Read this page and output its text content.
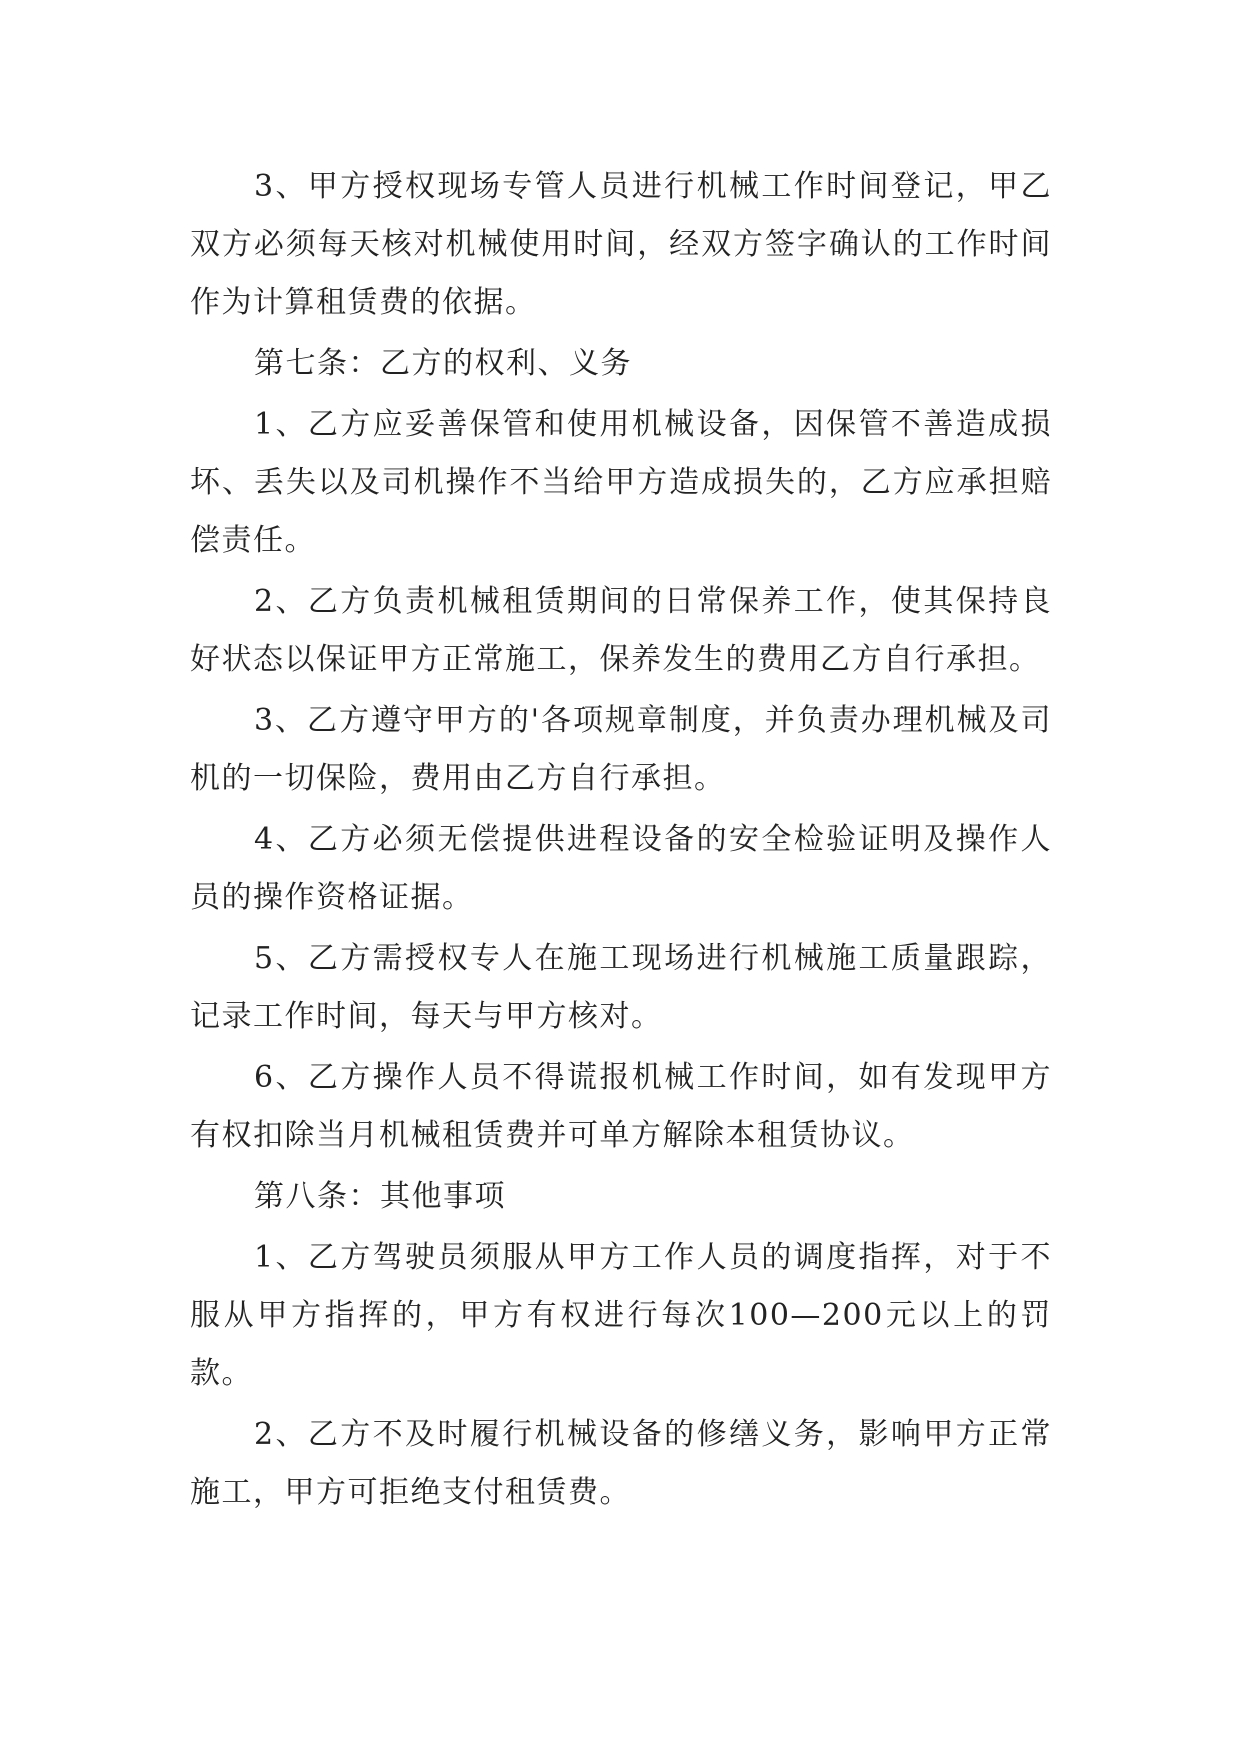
3、甲方授权现场专管人员进行机械工作时间登记，甲乙双方必须每天核对机械使用时间，经双方签字确认的工作时间作为计算租赁费的依据。

第七条：乙方的权利、义务

1、乙方应妥善保管和使用机械设备，因保管不善造成损坏、丢失以及司机操作不当给甲方造成损失的，乙方应承担赔偿责任。

2、乙方负责机械租赁期间的日常保养工作，使其保持良好状态以保证甲方正常施工，保养发生的费用乙方自行承担。

3、乙方遵守甲方的'各项规章制度，并负责办理机械及司机的一切保险，费用由乙方自行承担。

4、乙方必须无偿提供进程设备的安全检验证明及操作人员的操作资格证据。

5、乙方需授权专人在施工现场进行机械施工质量跟踪，记录工作时间，每天与甲方核对。

6、乙方操作人员不得谎报机械工作时间，如有发现甲方有权扣除当月机械租赁费并可单方解除本租赁协议。

第八条：其他事项

1、乙方驾驶员须服从甲方工作人员的调度指挥，对于不服从甲方指挥的，甲方有权进行每次100—200元以上的罚款。

2、乙方不及时履行机械设备的修缮义务，影响甲方正常施工，甲方可拒绝支付租赁费。
